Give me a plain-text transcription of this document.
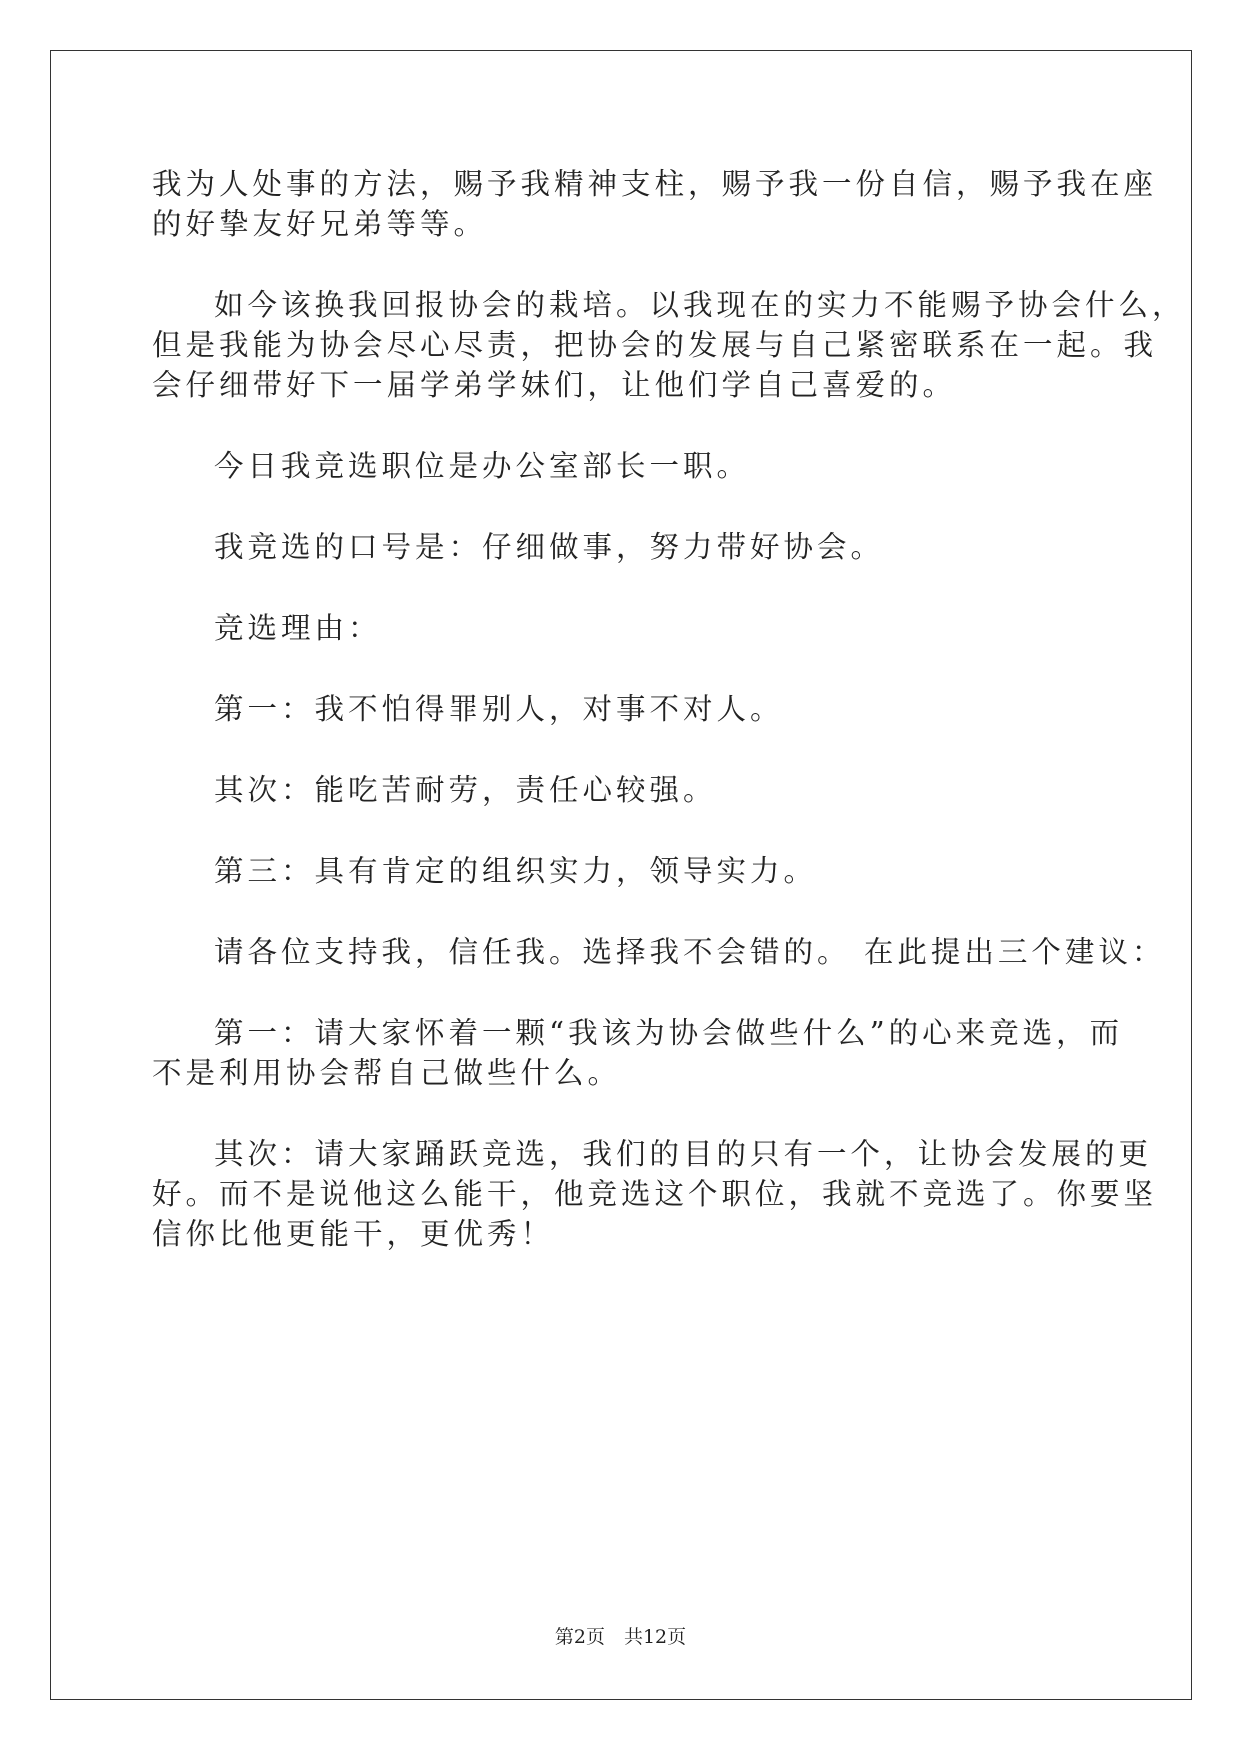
我为人处事的方法，赐予我精神支柱，赐予我一份自信，赐予我在座

的好挚友好兄弟等等。

如今该换我回报协会的栽培。以我现在的实力不能赐予协会什么，

但是我能为协会尽心尽责，把协会的发展与自己紧密联系在一起。我

会仔细带好下一届学弟学妹们，让他们学自己喜爱的。

今日我竞选职位是办公室部长一职。

我竞选的口号是：仔细做事，努力带好协会。

竞选理由：

第一：我不怕得罪别人，对事不对人。

其次：能吃苦耐劳，责任心较强。

第三：具有肯定的组织实力，领导实力。

请各位支持我，信任我。选择我不会错的。 在此提出三个建议：

第一：请大家怀着一颗“我该为协会做些什么”的心来竞选，而

不是利用协会帮自己做些什么。

其次：请大家踊跃竞选，我们的目的只有一个，让协会发展的更

好。而不是说他这么能干，他竞选这个职位，我就不竞选了。你要坚

信你比他更能干，更优秀！

第2页　共12页
